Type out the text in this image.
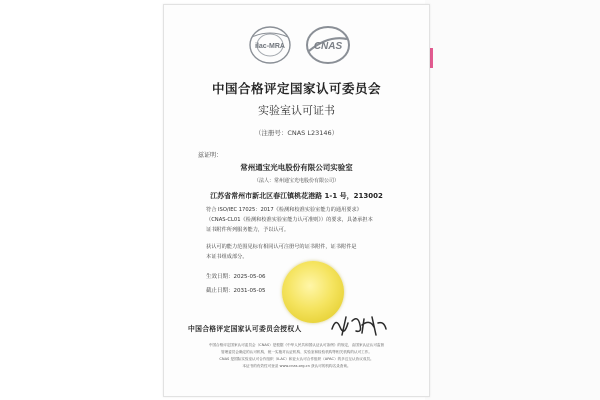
ilac-MRA	CNAS
中国合格评定国家认可委员会
实验室认可证书
（注册号：CNAS L23146）
兹证明：
常州通宝光电股份有限公司实验室
（法人：常州通宝光电股份有限公司）
江苏省常州市新北区春江镇桃花港路 1-1 号，213002
符合 ISO/IEC 17025：2017《检测和校准实验室能力的通用要求》
（CNAS-CL01《检测和校准实验室能力认可准则》）的要求，具备承担本
证书附件所列服务能力，予以认可。
获认可的能力范围见标有相同认可注册号的证书附件，证书附件是
本证书组成部分。
生效日期：2025-05-06
截止日期：2031-05-05
中国合格评定国家认可委员会授权人
中国合格评定国家认可委员会（CNAS）是根据《中华人民共和国认证认可条例》的规定，由国家认证认可监督
管理委员会确定的认可机构，统一实施对认证机构、实验室和检验机构等相关机构的认可工作。
CNAS 是国际实验室认可合作组织（ILAC）和亚太认可合作组织（APAC）的多边互认协议成员。
本证书的有效性可登录 www.cnas.org.cn 获认可的机构名录查询。
